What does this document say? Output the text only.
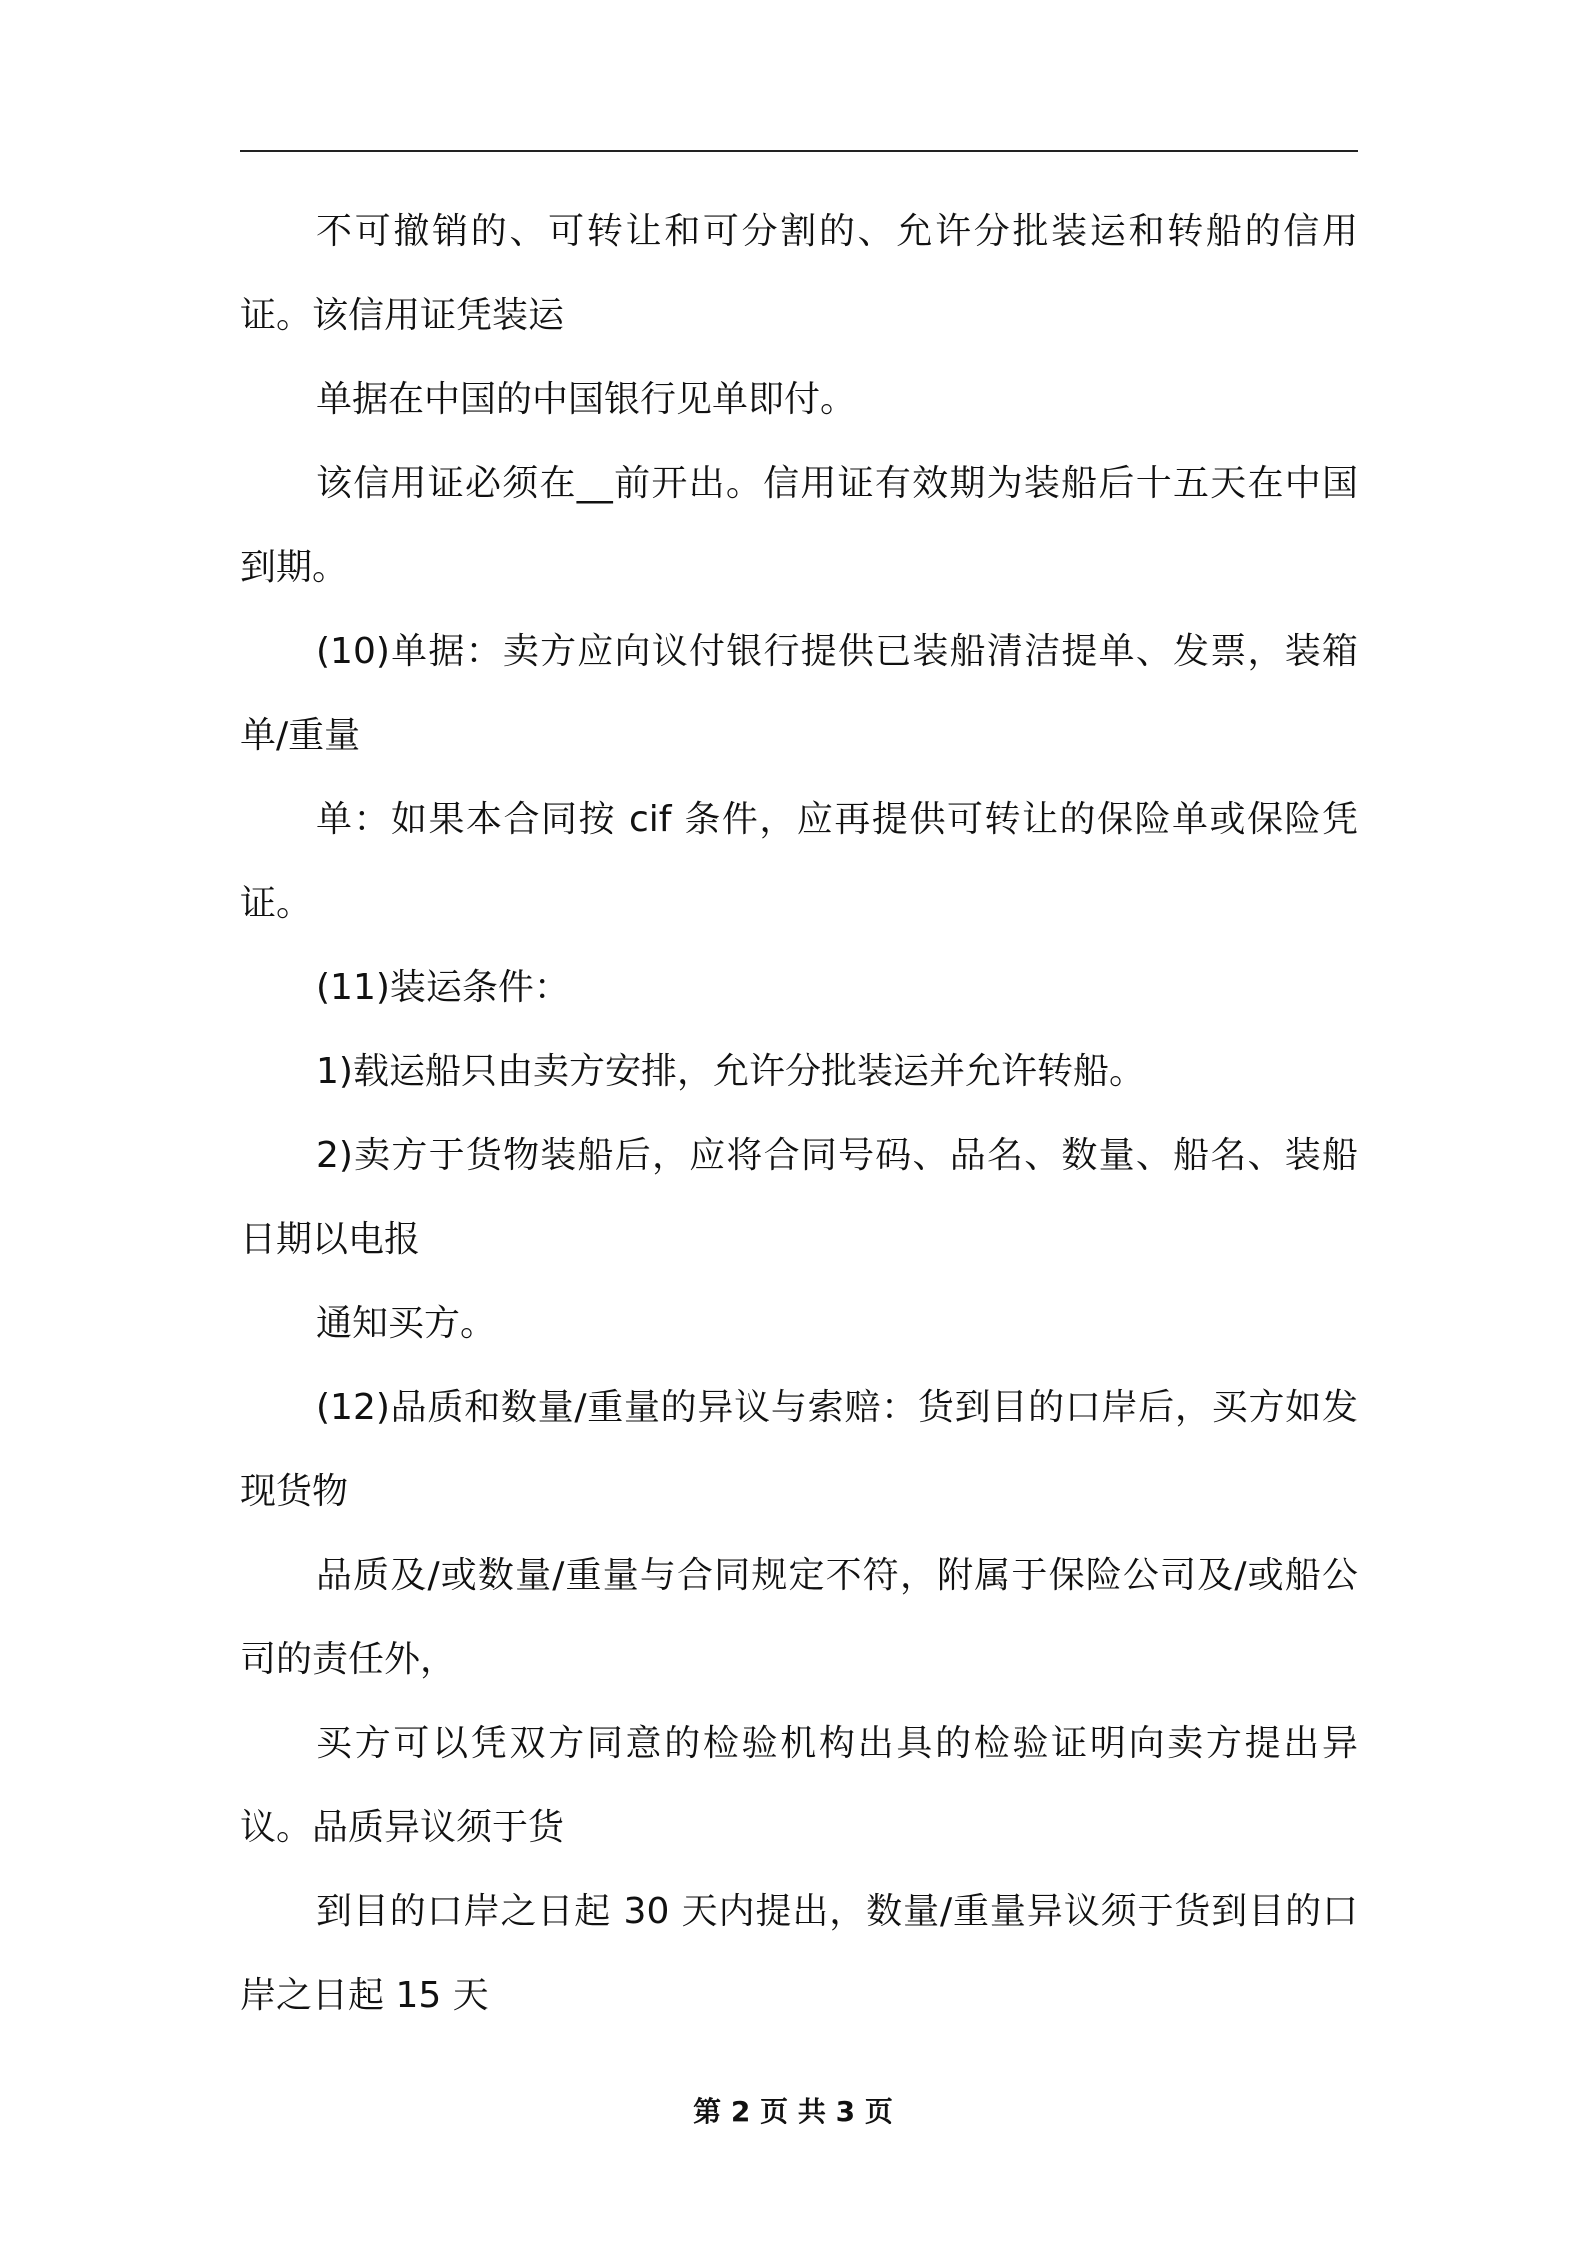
不可撤销的、可转让和可分割的、允许分批装运和转船的信用证。该信用证凭装运

单据在中国的中国银行见单即付。

该信用证必须在__前开出。信用证有效期为装船后十五天在中国到期。

(10)单据：卖方应向议付银行提供已装船清洁提单、发票，装箱单/重量

单：如果本合同按 cif 条件，应再提供可转让的保险单或保险凭证。

(11)装运条件：

1)载运船只由卖方安排，允许分批装运并允许转船。

2)卖方于货物装船后，应将合同号码、品名、数量、船名、装船日期以电报

通知买方。

(12)品质和数量/重量的异议与索赔：货到目的口岸后，买方如发现货物

品质及/或数量/重量与合同规定不符，附属于保险公司及/或船公司的责任外，

买方可以凭双方同意的检验机构出具的检验证明向卖方提出异议。品质异议须于货

到目的口岸之日起 30 天内提出，数量/重量异议须于货到目的口岸之日起 15 天

第 2 页 共 3 页
